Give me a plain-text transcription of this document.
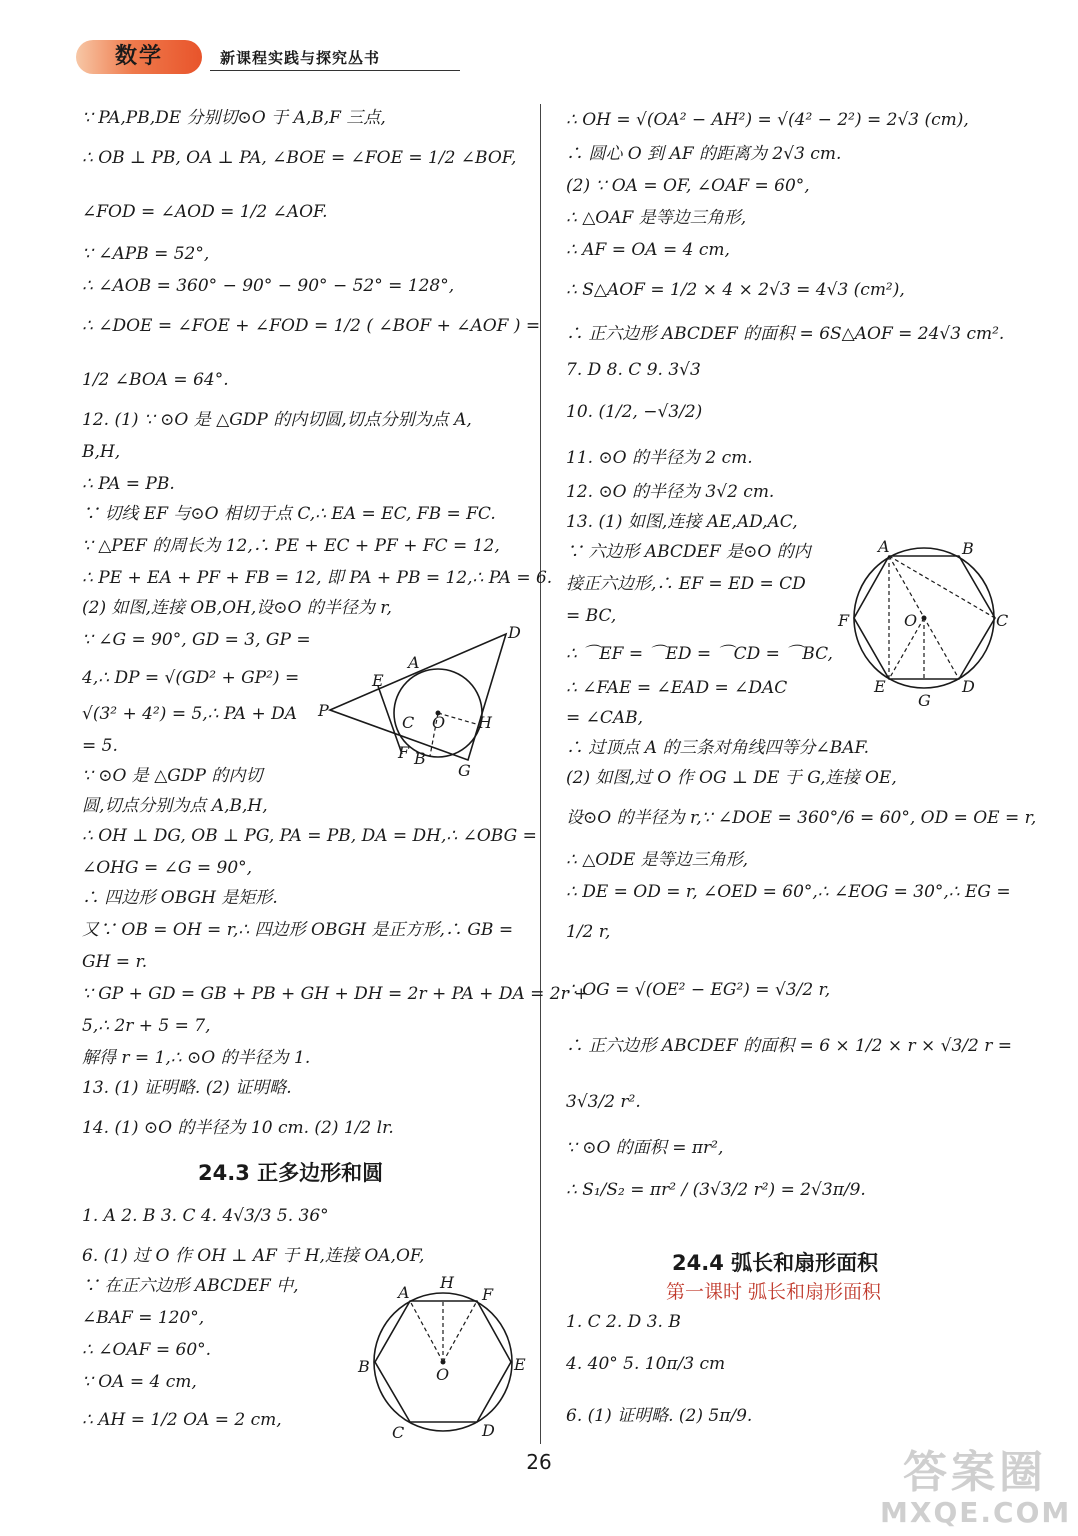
数学	新课程实践与探究丛书
∵ PA,PB,DE 分别切⊙O 于 A,B,F 三点,
∴ OB ⊥ PB, OA ⊥ PA, ∠BOE = ∠FOE = 1/2 ∠BOF,
∠FOD = ∠AOD = 1/2 ∠AOF.
∵ ∠APB = 52°,
∴ ∠AOB = 360° − 90° − 90° − 52° = 128°,
∴ ∠DOE = ∠FOE + ∠FOD = 1/2 ( ∠BOF + ∠AOF ) =
1/2 ∠BOA = 64°.
12. (1) ∵ ⊙O 是 △GDP 的内切圆,切点分别为点 A,
B,H,
∴ PA = PB.
∵ 切线 EF 与⊙O 相切于点 C,∴ EA = EC, FB = FC.
∵ △PEF 的周长为 12,∴ PE + EC + PF + FC = 12,
∴ PE + EA + PF + FB = 12, 即 PA + PB = 12,∴ PA = 6.
(2) 如图,连接 OB,OH,设⊙O 的半径为 r,
∵ ∠G = 90°, GD = 3, GP =
4,∴ DP = √(GD² + GP²) =
√(3² + 4²) = 5,∴ PA + DA
= 5.
∵ ⊙O 是 △GDP 的内切
圆,切点分别为点 A,B,H,
∴ OH ⊥ DG, OB ⊥ PG, PA = PB, DA = DH,∴ ∠OBG =
∠OHG = ∠G = 90°,
∴ 四边形 OBGH 是矩形.
又∵ OB = OH = r,∴ 四边形 OBGH 是正方形,∴ GB =
GH = r.
∵ GP + GD = GB + PB + GH + DH = 2r + PA + DA = 2r +
5,∴ 2r + 5 = 7,
解得 r = 1,∴ ⊙O 的半径为 1.
13. (1) 证明略. (2) 证明略.
14. (1) ⊙O 的半径为 10 cm. (2) 1/2 lr.
24.3 正多边形和圆
1. A 2. B 3. C 4. 4√3/3 5. 36°
6. (1) 过 O 作 OH ⊥ AF 于 H,连接 OA,OF,
∵ 在正六边形 ABCDEF 中,
∠BAF = 120°,
∴ ∠OAF = 60°.
∵ OA = 4 cm,
∴ AH = 1/2 OA = 2 cm,
∴ OH = √(OA² − AH²) = √(4² − 2²) = 2√3 (cm),
∴ 圆心 O 到 AF 的距离为 2√3 cm.
(2) ∵ OA = OF, ∠OAF = 60°,
∴ △OAF 是等边三角形,
∴ AF = OA = 4 cm,
∴ S△AOF = 1/2 × 4 × 2√3 = 4√3 (cm²),
∴ 正六边形 ABCDEF 的面积 = 6S△AOF = 24√3 cm².
7. D 8. C 9. 3√3
10. (1/2, −√3/2)
11. ⊙O 的半径为 2 cm.
12. ⊙O 的半径为 3√2 cm.
13. (1) 如图,连接 AE,AD,AC,
∵ 六边形 ABCDEF 是⊙O 的内
接正六边形,∴ EF = ED = CD
= BC,
∴ ⌒EF = ⌒ED = ⌒CD = ⌒BC,
∴ ∠FAE = ∠EAD = ∠DAC
= ∠CAB,
∴ 过顶点 A 的三条对角线四等分∠BAF.
(2) 如图,过 O 作 OG ⊥ DE 于 G,连接 OE,
设⊙O 的半径为 r,∵ ∠DOE = 360°/6 = 60°, OD = OE = r,
∴ △ODE 是等边三角形,
∴ DE = OD = r, ∠OED = 60°,∴ ∠EOG = 30°,∴ EG =
1/2 r,
∴ OG = √(OE² − EG²) = √3/2 r,
∴ 正六边形 ABCDEF 的面积 = 6 × 1/2 × r × √3/2 r =
3√3/2 r².
∵ ⊙O 的面积 = πr²,
∴ S₁/S₂ = πr² / (3√3/2 r²) = 2√3π/9.
24.4 弧长和扇形面积
第一课时 弧长和扇形面积
1. C 2. D 3. B
4. 40° 5. 10π/3 cm
6. (1) 证明略. (2) 5π/9.
D
A
E
P
C O H
F B
G
A
H
F
B	O
E
C	D
A	B
F	O	C
E
G
D
26	答案圈
MXQE.COM
